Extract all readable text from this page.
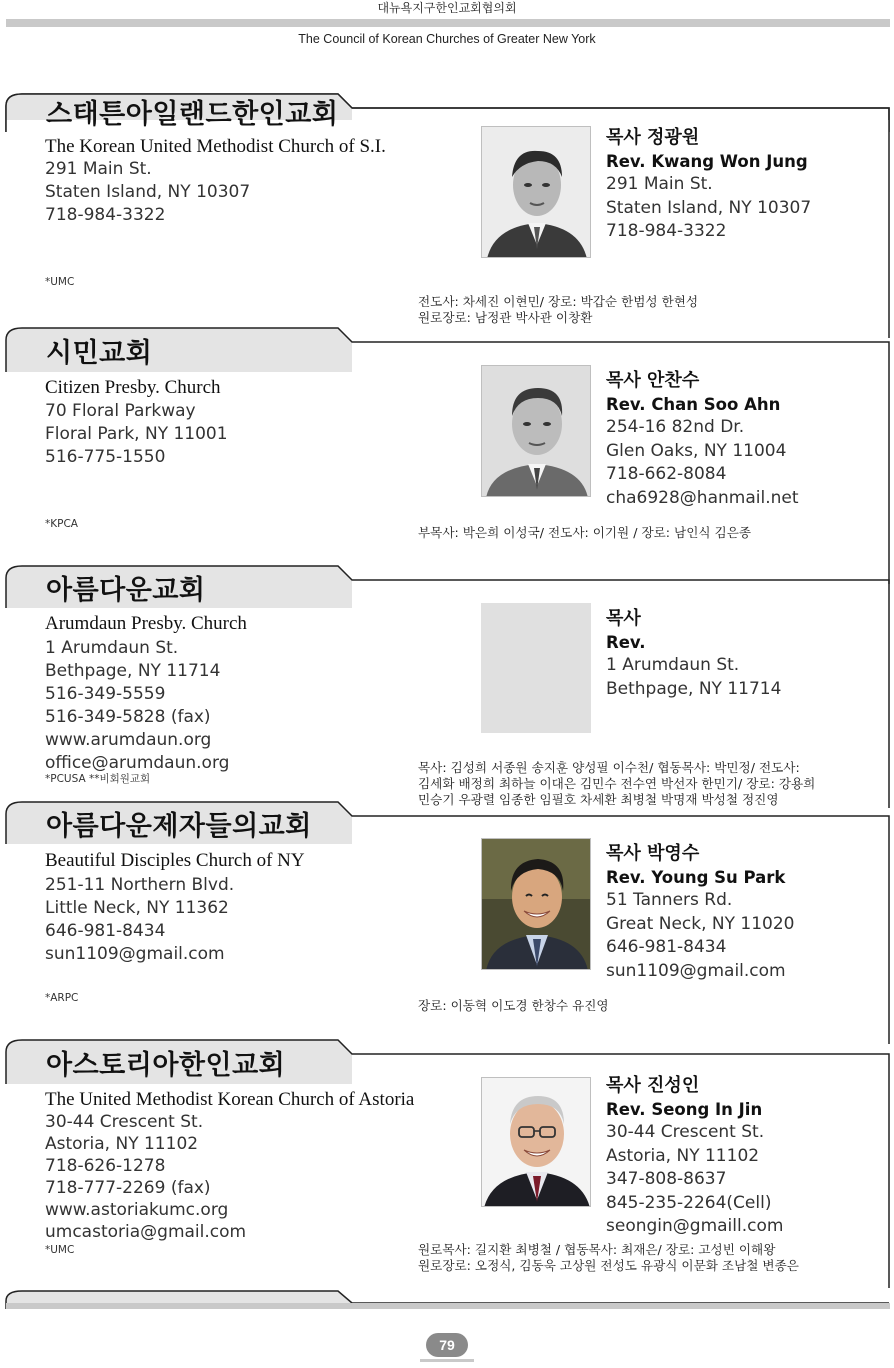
대뉴욕지구한인교회협의회
The Council of Korean Churches of Greater New York
스태튼아일랜드한인교회
The Korean United Methodist Church of S.I.
291 Main St.
Staten Island, NY 10307
718-984-3322
*UMC
목사 정광원
Rev. Kwang Won Jung
291 Main St.
Staten Island, NY 10307
718-984-3322
전도사: 차세진 이현민/ 장로: 박갑순 한범성 한현성
원로장로: 남정관 박사관 이창환
시민교회
Citizen Presby. Church
70 Floral Parkway
Floral Park, NY 11001
516-775-1550
*KPCA
목사 안찬수
Rev. Chan Soo Ahn
254-16 82nd Dr.
Glen Oaks, NY 11004
718-662-8084
cha6928@hanmail.net
부목사: 박은희 이성국/ 전도사: 이기원 / 장로: 남인식 김은종
아름다운교회
Arumdaun Presby. Church
1 Arumdaun St.
Bethpage, NY 11714
516-349-5559
516-349-5828 (fax)
www.arumdaun.org
office@arumdaun.org
*PCUSA **비회원교회
목사
Rev.
1 Arumdaun St.
Bethpage, NY 11714
목사: 김성희 서종원 송지훈 양성필 이수천/ 협동목사: 박민정/ 전도사:
김세화 배정희 최하늘 이대은 김민수 전수연 박선자 한민기/ 장로: 강용희
민승기 우광렬 임종한 임필호 차세환 최병철 박명재 박성철 정진영
아름다운제자들의교회
Beautiful Disciples Church of NY
251-11 Northern Blvd.
Little Neck, NY 11362
646-981-8434
sun1109@gmail.com
*ARPC
목사 박영수
Rev. Young Su Park
51 Tanners Rd.
Great Neck, NY 11020
646-981-8434
sun1109@gmail.com
장로: 이동혁 이도경 한창수 유진영
아스토리아한인교회
The United Methodist Korean Church of Astoria
30-44 Crescent St.
Astoria, NY 11102
718-626-1278
718-777-2269 (fax)
www.astoriakumc.org
umcastoria@gmail.com
*UMC
목사 진성인
Rev. Seong In Jin
30-44 Crescent St.
Astoria, NY 11102
347-808-8637
845-235-2264(Cell)
seongin@gmaill.com
원로목사: 길지환 최병철 / 협동목사: 최재은/ 장로: 고성빈 이해왕
원로장로: 오정식, 김동욱 고상원 전성도 유광식 이문화 조남철 변종은
79
